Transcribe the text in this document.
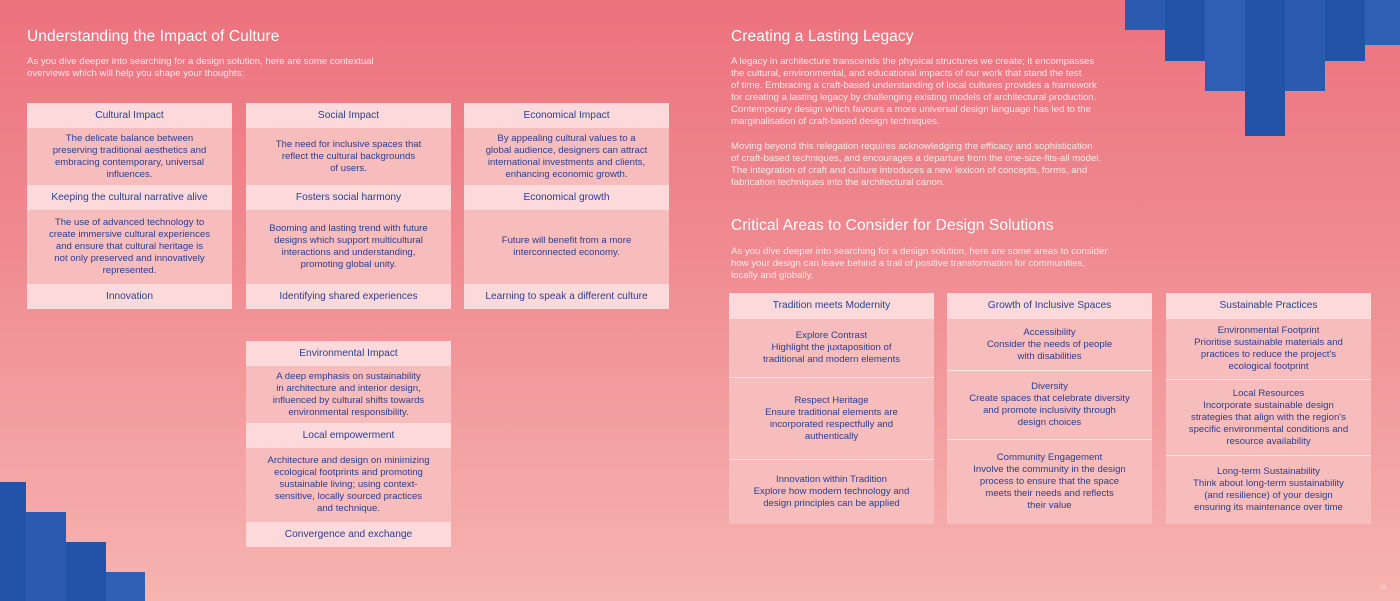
Understanding the Impact of Culture
As you dive deeper into searching for a design solution, here are some contextual
overviews which will help you shape your thoughts:
Cultural Impact
The delicate balance between
preserving traditional aesthetics and
embracing contemporary, universal
influences.
Keeping the cultural narrative alive
The use of advanced technology to
create immersive cultural experiences
and ensure that cultural heritage is
not only preserved and innovatively
represented.
Innovation
Social Impact
The need for inclusive spaces that
reflect the cultural backgrounds
of users.
Fosters social harmony
Booming and lasting trend with future
designs which support multicultural
interactions and understanding,
promoting global unity.
Identifying shared experiences
Economical Impact
By appealing cultural values to a
global audience, designers can attract
international investments and clients,
enhancing economic growth.
Economical growth
Future will benefit from a more
interconnected economy.
Learning to speak a different culture
Environmental Impact
A deep emphasis on sustainability
in architecture and interior design,
influenced by cultural shifts towards
environmental responsibility.
Local empowerment
Architecture and design on minimizing
ecological footprints and promoting
sustainable living; using context-
sensitive, locally sourced practices
and technique.
Convergence and exchange
Creating a Lasting Legacy
A legacy in architecture transcends the physical structures we create; it encompasses
the cultural, environmental, and educational impacts of our work that stand the test
of time. Embracing a craft-based understanding of local cultures provides a framework
for creating a lasting legacy by challenging existing models of architectural production.
Contemporary design which favours a more universal design language has led to the
marginalisation of craft-based design techniques.
Moving beyond this relegation requires acknowledging the efficacy and sophistication
of craft-based techniques, and encourages a departure from the one-size-fits-all model.
The integration of craft and culture introduces a new lexicon of concepts, forms, and
fabrication techniques into the architectural canon.
Critical Areas to Consider for Design Solutions
As you dive deeper into searching for a design solution, here are some areas to consider
how your design can leave behind a trail of positive transformation for communities,
locally and globally.
Tradition meets Modernity
Explore Contrast
Highlight the juxtaposition of
traditional and modern elements
Respect Heritage
Ensure traditional elements are
incorporated respectfully and
authentically
Innovation within Tradition
Explore how modern technology and
design principles can be applied
Growth of Inclusive Spaces
Accessibility
Consider the needs of people
with disabilities
Diversity
Create spaces that celebrate diversity
and promote inclusivity through
design choices
Community Engagement
Involve the community in the design
process to ensure that the space
meets their needs and reflects
their value
Sustainable Practices
Environmental Footprint
Prioritise sustainable materials and
practices to reduce the project's
ecological footprint
Local Resources
Incorporate sustainable design
strategies that align with the region's
specific environmental conditions and
resource availability
Long-term Sustainability
Think about long-term sustainability
(and resilience) of your design
ensuring its maintenance over time
15
